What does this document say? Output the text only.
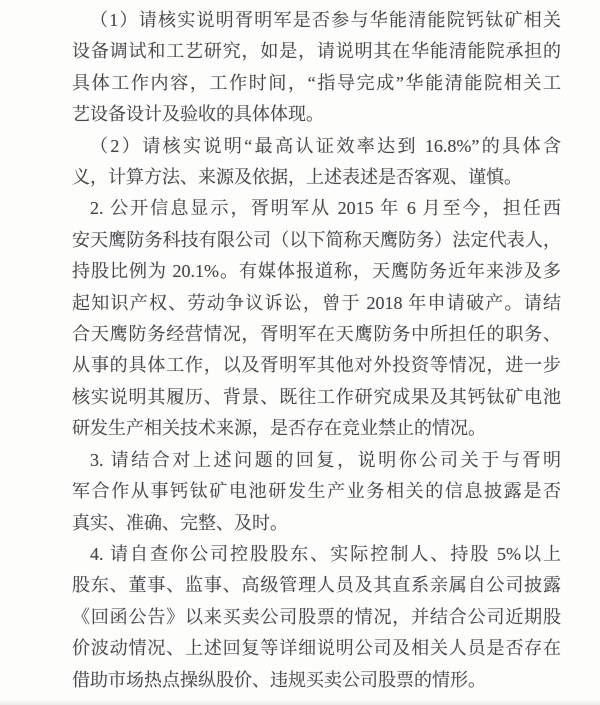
（1）请核实说明胥明军是否参与华能清能院钙钛矿相关
设备调试和工艺研究，如是，请说明其在华能清能院承担的
具体工作内容，工作时间，“指导完成”华能清能院相关工
艺设备设计及验收的具体体现。
（2）请核实说明“最高认证效率达到 16.8%”的具体含
义，计算方法、来源及依据，上述表述是否客观、谨慎。
2. 公开信息显示，胥明军从 2015 年 6 月至今，担任西
安天鹰防务科技有限公司（以下简称天鹰防务）法定代表人，
持股比例为 20.1%。有媒体报道称，天鹰防务近年来涉及多
起知识产权、劳动争议诉讼，曾于 2018 年申请破产。请结
合天鹰防务经营情况，胥明军在天鹰防务中所担任的职务、
从事的具体工作，以及胥明军其他对外投资等情况，进一步
核实说明其履历、背景、既往工作研究成果及其钙钛矿电池
研发生产相关技术来源，是否存在竞业禁止的情况。
3. 请结合对上述问题的回复，说明你公司关于与胥明
军合作从事钙钛矿电池研发生产业务相关的信息披露是否
真实、准确、完整、及时。
4. 请自查你公司控股股东、实际控制人、持股 5%以上
股东、董事、监事、高级管理人员及其直系亲属自公司披露
《回函公告》以来买卖公司股票的情况，并结合公司近期股
价波动情况、上述回复等详细说明公司及相关人员是否存在
借助市场热点操纵股价、违规买卖公司股票的情形。
